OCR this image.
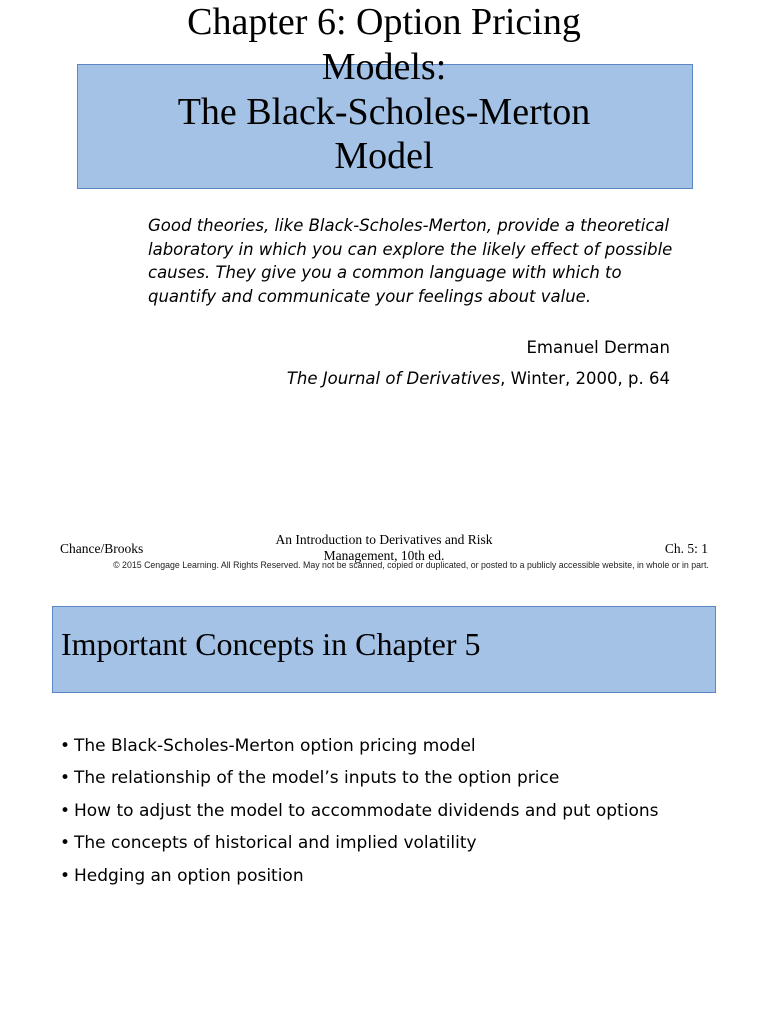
Chapter 6: Option Pricing
Models:
The Black-Scholes-Merton
Model

Good theories, like Black-Scholes-Merton, provide a theoretical laboratory in which you can explore the likely effect of possible causes. They give you a common language with which to quantify and communicate your feelings about value.

Emanuel Derman
The Journal of Derivatives, Winter, 2000, p. 64
Chance/Brooks
An Introduction to Derivatives and Risk Management, 10th ed.	Ch. 5: 1
© 2015 Cengage Learning. All Rights Reserved. May not be scanned, copied or duplicated, or posted to a publicly accessible website, in whole or in part.
Important Concepts in Chapter 5
• The Black-Scholes-Merton option pricing model
• The relationship of the model’s inputs to the option price
• How to adjust the model to accommodate dividends and put options
• The concepts of historical and implied volatility
• Hedging an option position
